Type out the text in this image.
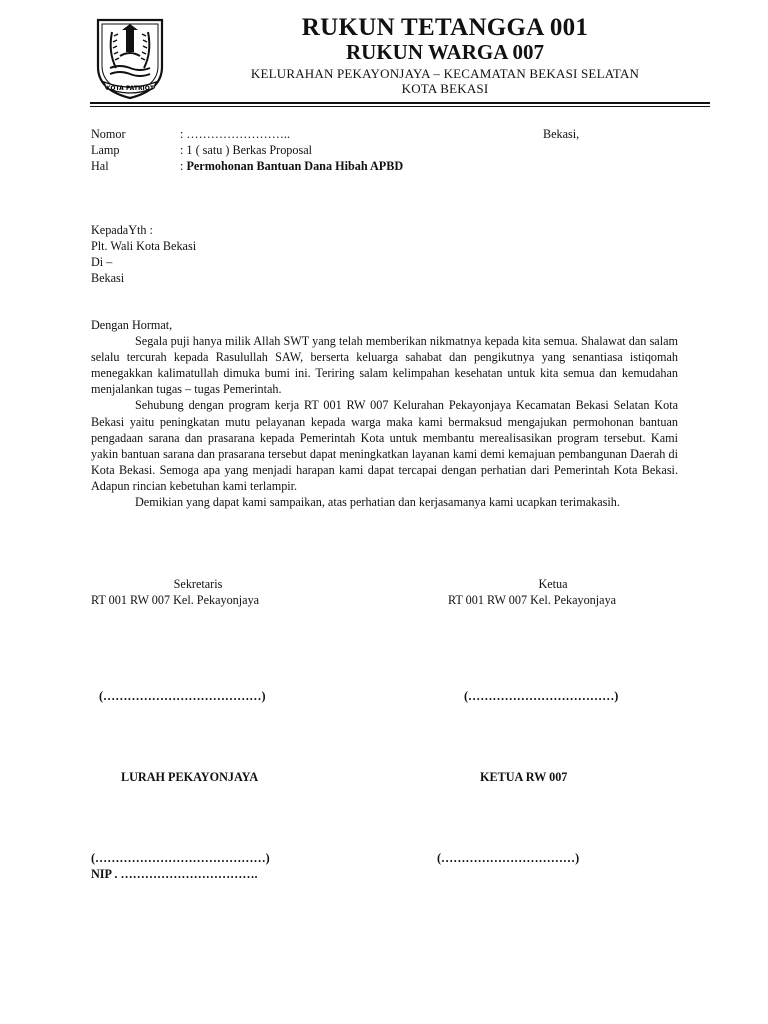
KOTA PATRIOT
RUKUN TETANGGA 001
RUKUN WARGA 007
KELURAHAN PEKAYONJAYA – KECAMATAN BEKASI SELATAN
KOTA BEKASI
Nomor	: ……………………..	Bekasi,
Lamp	: 1 ( satu ) Berkas Proposal
Hal	: Permohonan Bantuan Dana Hibah APBD
KepadaYth :
Plt. Wali Kota Bekasi
Di –
Bekasi

Dengan Hormat,

Segala puji hanya milik Allah SWT yang telah memberikan nikmatnya kepada kita semua. Shalawat dan salam selalu tercurah kepada Rasulullah SAW, berserta keluarga sahabat dan pengikutnya yang senantiasa istiqomah menegakkan kalimatullah dimuka bumi ini. Teriring salam kelimpahan kesehatan untuk kita semua dan kemudahan menjalankan tugas – tugas Pemerintah.

Sehubung dengan program kerja RT 001 RW 007 Kelurahan Pekayonjaya Kecamatan Bekasi Selatan Kota Bekasi yaitu peningkatan mutu pelayanan kepada warga maka kami bermaksud mengajukan permohonan bantuan pengadaan sarana dan prasarana kepada Pemerintah Kota untuk membantu merealisasikan program tersebut. Kami yakin bantuan sarana dan prasarana tersebut dapat meningkatkan layanan kami demi kemajuan pembangunan Daerah di Kota Bekasi. Semoga apa yang menjadi harapan kami dapat tercapai dengan perhatian dari Pemerintah Kota Bekasi. Adapun rincian kebetuhan kami terlampir.

Demikian yang dapat kami sampaikan, atas perhatian dan kerjasamanya kami ucapkan terimakasih.

Sekretaris
RT 001 RW 007 Kel. Pekayonjaya
Ketua
RT 001 RW 007 Kel. Pekayonjaya
(…………………………………)	(………………………………)
LURAH PEKAYONJAYA	KETUA RW 007
(……………………………………)	(……………………………)
NIP . …………………………….
